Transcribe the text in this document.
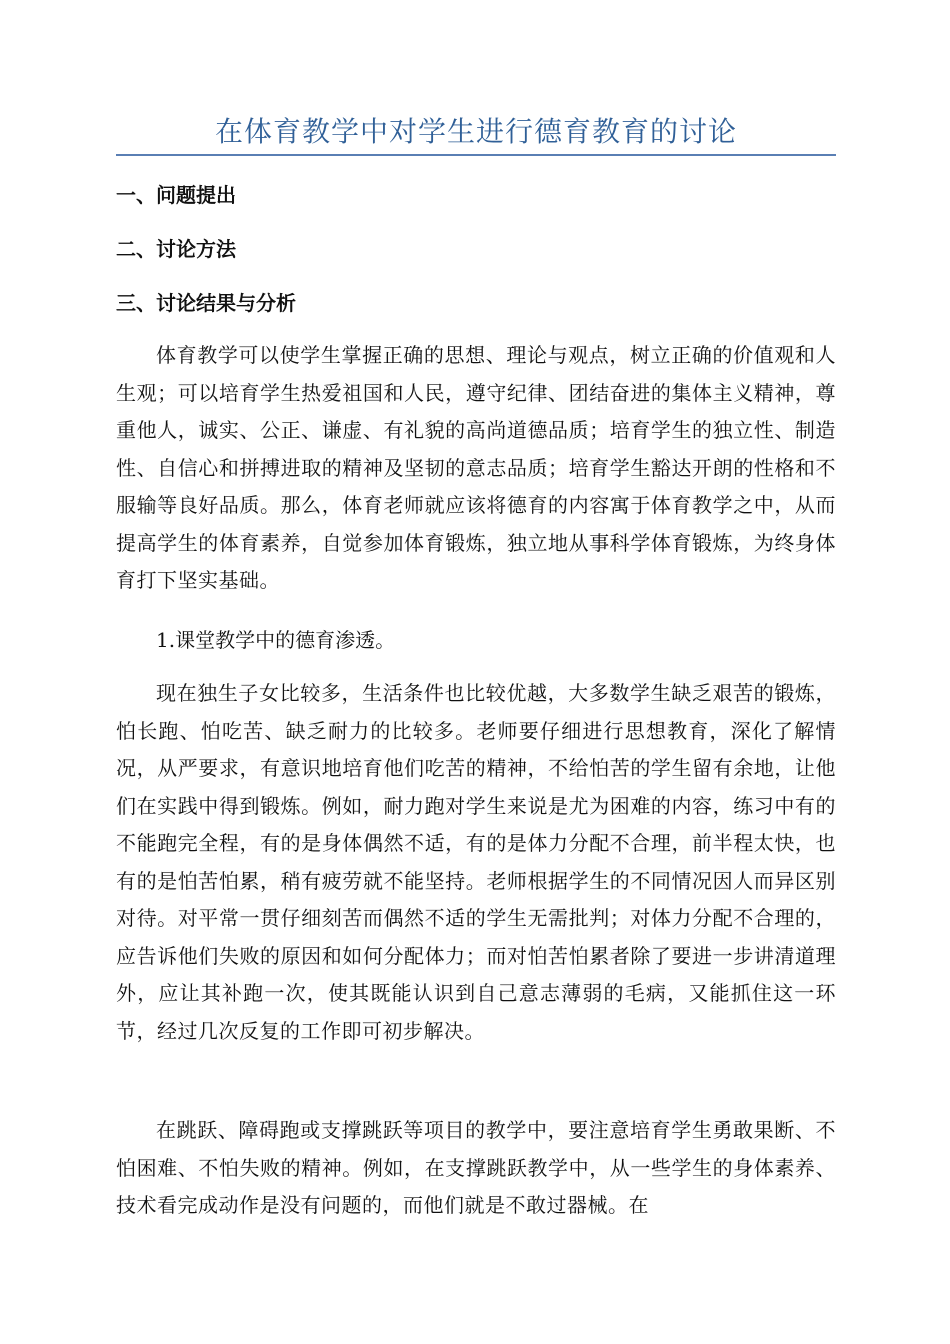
在体育教学中对学生进行德育教育的讨论
一、问题提出
二、讨论方法
三、讨论结果与分析

体育教学可以使学生掌握正确的思想、理论与观点，树立正确的价值观和人生观；可以培育学生热爱祖国和人民，遵守纪律、团结奋进的集体主义精神，尊重他人，诚实、公正、谦虚、有礼貌的高尚道德品质；培育学生的独立性、制造性、自信心和拼搏进取的精神及坚韧的意志品质；培育学生豁达开朗的性格和不服输等良好品质。那么，体育老师就应该将德育的内容寓于体育教学之中，从而提高学生的体育素养，自觉参加体育锻炼，独立地从事科学体育锻炼，为终身体育打下坚实基础。

1.课堂教学中的德育渗透。

现在独生子女比较多，生活条件也比较优越，大多数学生缺乏艰苦的锻炼，怕长跑、怕吃苦、缺乏耐力的比较多。老师要仔细进行思想教育，深化了解情况，从严要求，有意识地培育他们吃苦的精神，不给怕苦的学生留有余地，让他们在实践中得到锻炼。例如，耐力跑对学生来说是尤为困难的内容，练习中有的不能跑完全程，有的是身体偶然不适，有的是体力分配不合理，前半程太快，也有的是怕苦怕累，稍有疲劳就不能坚持。老师根据学生的不同情况因人而异区别对待。对平常一贯仔细刻苦而偶然不适的学生无需批判；对体力分配不合理的，应告诉他们失败的原因和如何分配体力；而对怕苦怕累者除了要进一步讲清道理外，应让其补跑一次，使其既能认识到自己意志薄弱的毛病，又能抓住这一环节，经过几次反复的工作即可初步解决。

在跳跃、障碍跑或支撑跳跃等项目的教学中，要注意培育学生勇敢果断、不怕困难、不怕失败的精神。例如，在支撑跳跃教学中，从一些学生的身体素养、技术看完成动作是没有问题的，而他们就是不敢过器械。在
